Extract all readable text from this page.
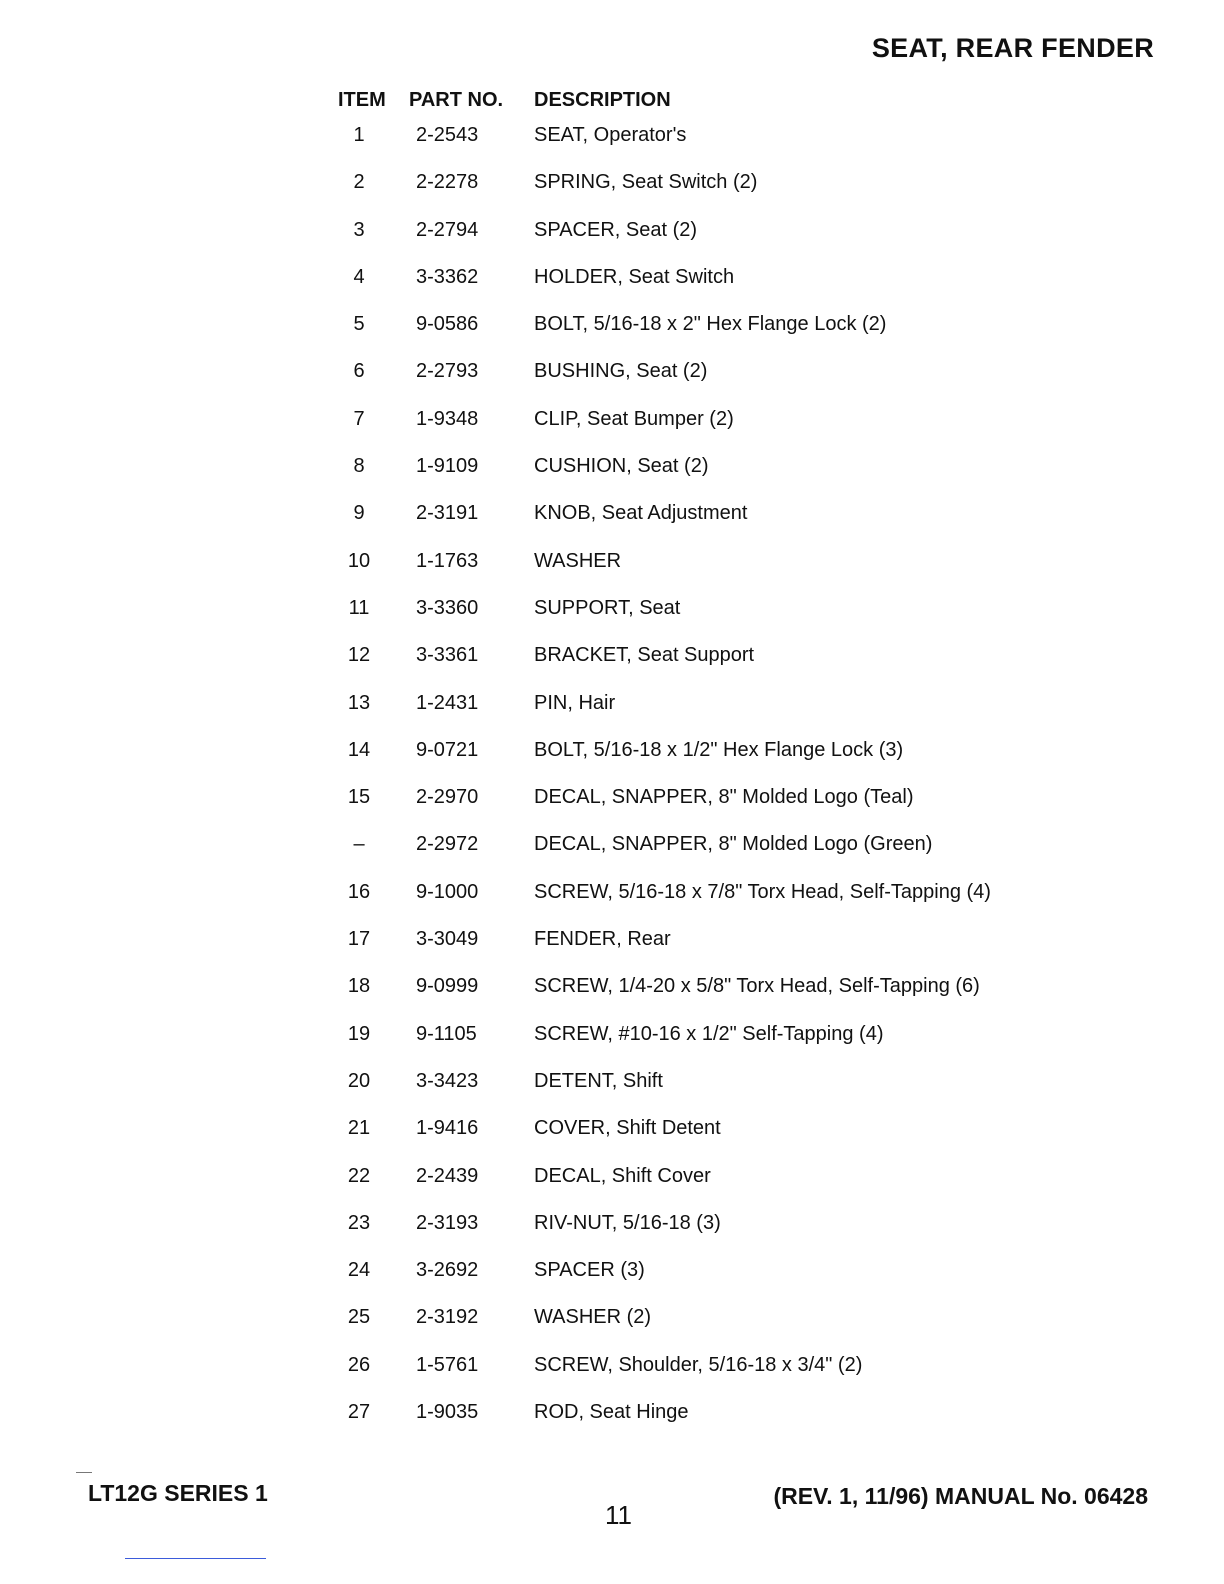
SEAT, REAR FENDER
ITEM PART NO. DESCRIPTION
1	2-2543	SEAT, Operator's
2	2-2278	SPRING, Seat Switch (2)
3	2-2794	SPACER, Seat (2)
4	3-3362	HOLDER, Seat Switch
5	9-0586	BOLT, 5/16-18 x 2" Hex Flange Lock (2)
6	2-2793	BUSHING, Seat (2)
7	1-9348	CLIP, Seat Bumper (2)
8	1-9109	CUSHION, Seat (2)
9	2-3191	KNOB, Seat Adjustment
10	1-1763	WASHER
11	3-3360	SUPPORT, Seat
12	3-3361	BRACKET, Seat Support
13	1-2431	PIN, Hair
14	9-0721	BOLT, 5/16-18 x 1/2" Hex Flange Lock (3)
15	2-2970	DECAL, SNAPPER, 8" Molded Logo (Teal)
–	2-2972	DECAL, SNAPPER, 8" Molded Logo (Green)
16	9-1000	SCREW, 5/16-18 x 7/8" Torx Head, Self-Tapping (4)
17	3-3049	FENDER, Rear
18	9-0999	SCREW, 1/4-20 x 5/8" Torx Head, Self-Tapping (6)
19	9-1105	SCREW, #10-16 x 1/2" Self-Tapping (4)
20	3-3423	DETENT, Shift
21	1-9416	COVER, Shift Detent
22	2-2439	DECAL, Shift Cover
23	2-3193	RIV-NUT, 5/16-18 (3)
24	3-2692	SPACER (3)
25	2-3192	WASHER (2)
26	1-5761	SCREW, Shoulder, 5/16-18 x 3/4" (2)
27	1-9035	ROD, Seat Hinge
LT12G SERIES 1
11
(REV. 1, 11/96) MANUAL No. 06428
